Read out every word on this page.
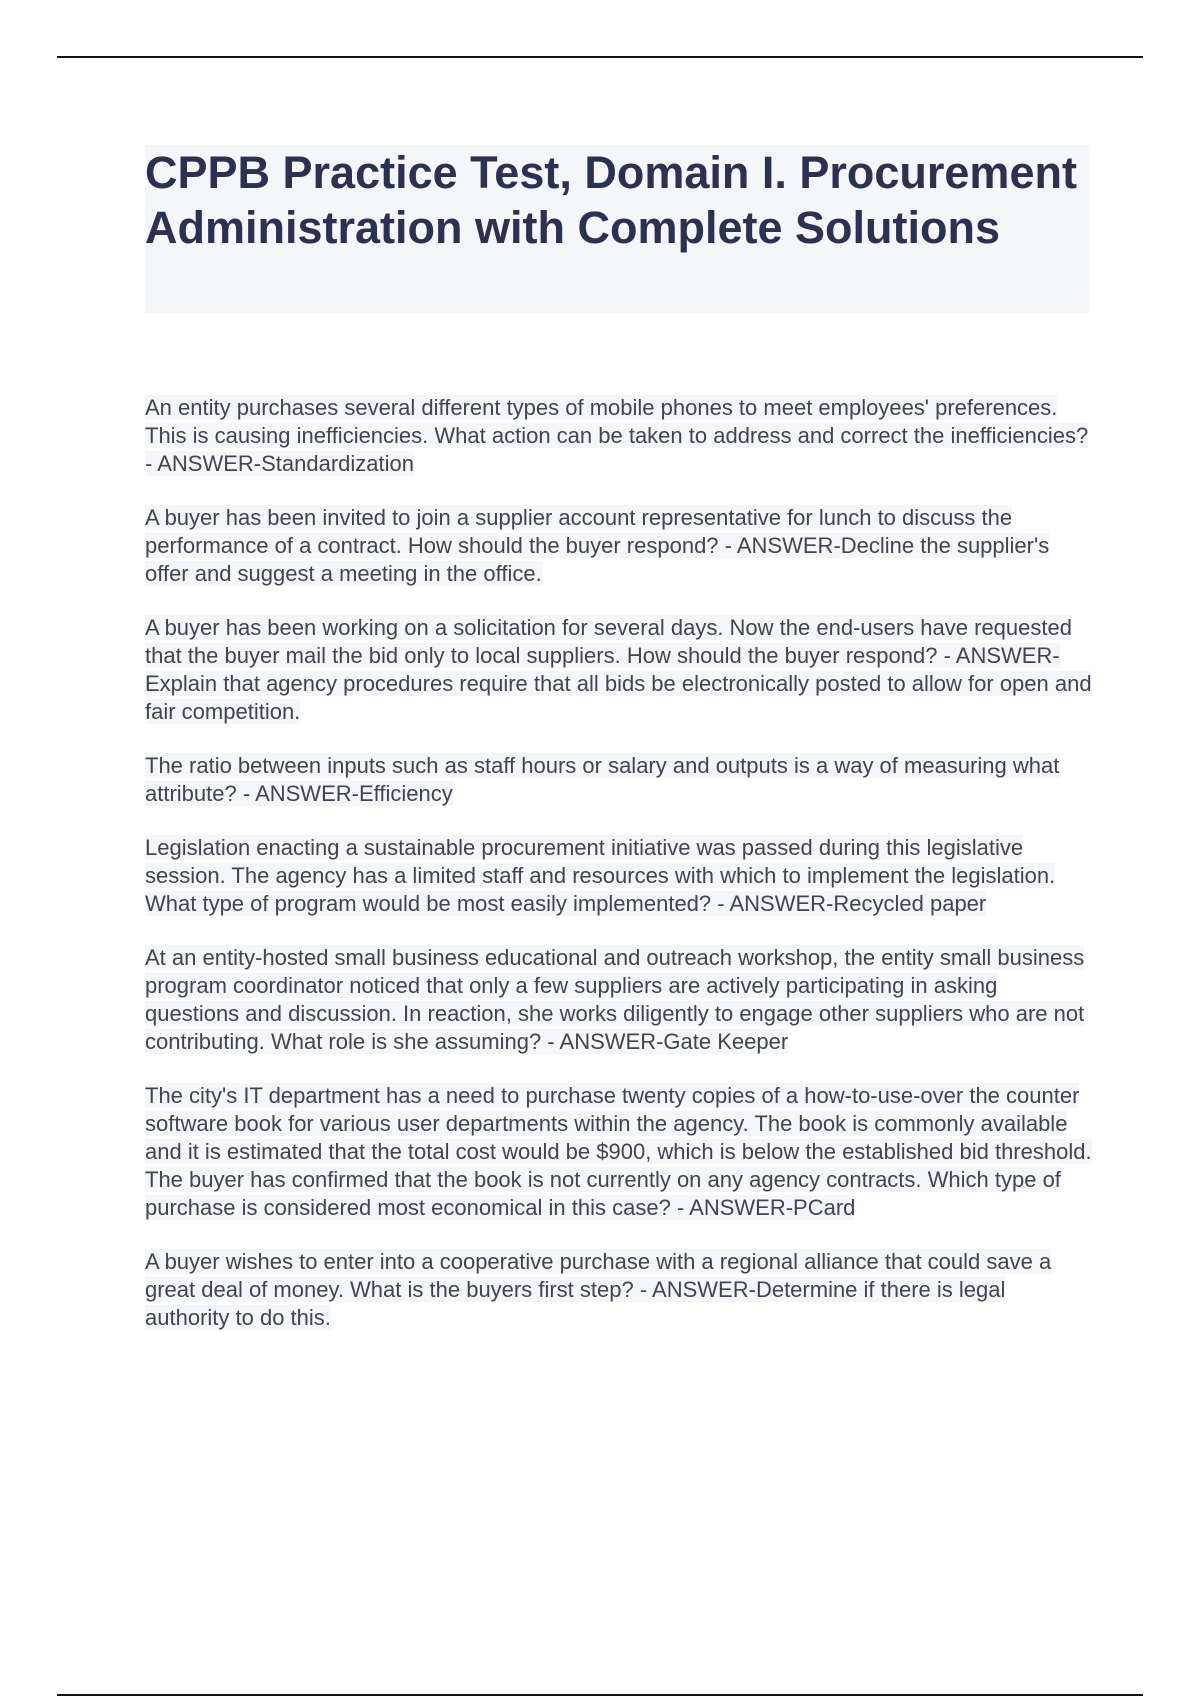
CPPB Practice Test, Domain I. Procurement Administration with Complete Solutions

An entity purchases several different types of mobile phones to meet employees' preferences. This is causing inefficiencies. What action can be taken to address and correct the inefficiencies? - ANSWER-Standardization

A buyer has been invited to join a supplier account representative for lunch to discuss the performance of a contract. How should the buyer respond? - ANSWER-Decline the supplier's offer and suggest a meeting in the office.

A buyer has been working on a solicitation for several days. Now the end-users have requested that the buyer mail the bid only to local suppliers. How should the buyer respond? - ANSWER-Explain that agency procedures require that all bids be electronically posted to allow for open and fair competition.

The ratio between inputs such as staff hours or salary and outputs is a way of measuring what attribute? - ANSWER-Efficiency

Legislation enacting a sustainable procurement initiative was passed during this legislative session. The agency has a limited staff and resources with which to implement the legislation. What type of program would be most easily implemented? - ANSWER-Recycled paper

At an entity-hosted small business educational and outreach workshop, the entity small business program coordinator noticed that only a few suppliers are actively participating in asking questions and discussion. In reaction, she works diligently to engage other suppliers who are not contributing. What role is she assuming? - ANSWER-Gate Keeper

The city's IT department has a need to purchase twenty copies of a how-to-use-over the counter software book for various user departments within the agency. The book is commonly available and it is estimated that the total cost would be $900, which is below the established bid threshold. The buyer has confirmed that the book is not currently on any agency contracts. Which type of purchase is considered most economical in this case? - ANSWER-PCard

A buyer wishes to enter into a cooperative purchase with a regional alliance that could save a great deal of money. What is the buyers first step? - ANSWER-Determine if there is legal authority to do this.
